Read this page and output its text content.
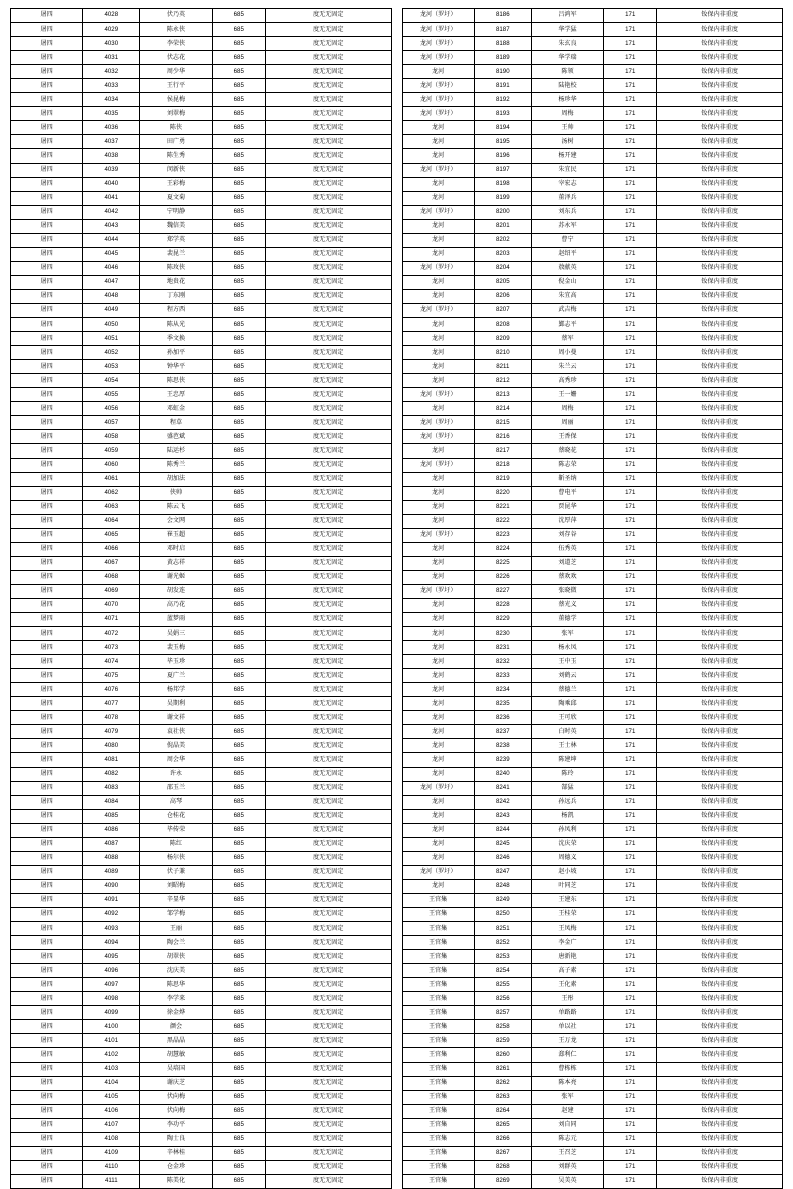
屠四	4028	伏乃英	685	度无无固定
屠四	4029	陈永侠	685	度无无固定
屠四	4030	李荣侠	685	度无无固定
屠四	4031	伏志花	685	度无无固定
屠四	4032	周少华	685	度无无固定
屠四	4033	王行平	685	度无无固定
屠四	4034	侯昆梅	685	度无无固定
屠四	4035	刘翠梅	685	度无无固定
屠四	4036	陈侠	685	度无无固定
屠四	4037	田广勇	685	度无无固定
屠四	4038	陈生秀	685	度无无固定
屠四	4039	闵新侠	685	度无无固定
屠四	4040	王彩梅	685	度无无固定
屠四	4041	夏文菊	685	度无无固定
屠四	4042	宁明静	685	度无无固定
屠四	4043	魏信美	685	度无无固定
屠四	4044	郑学英	685	度无无固定
屠四	4045	裴昆兰	685	度无无固定
屠四	4046	陈玫侠	685	度无无固定
屠四	4047	地贵花	685	度无无固定
屠四	4048	丁东刚	685	度无无固定
屠四	4049	程方西	685	度无无固定
屠四	4050	陈从光	685	度无无固定
屠四	4051	季文换	685	度无无固定
屠四	4052	孙加平	685	度无无固定
屠四	4053	钟华平	685	度无无固定
屠四	4054	陈思侠	685	度无无固定
屠四	4055	王忠厚	685	度无无固定
屠四	4056	邓虹金	685	度无无固定
屠四	4057	程草	685	度无无固定
屠四	4058	盛芭斌	685	度无无固定
屠四	4059	陆运杉	685	度无无固定
屠四	4060	陈秀兰	685	度无无固定
屠四	4061	胡加法	685	度无无固定
屠四	4062	侠帅	685	度无无固定
屠四	4063	陈云飞	685	度无无固定
屠四	4064	会文网	685	度无无固定
屠四	4065	崔玉超	685	度无无固定
屠四	4066	邓时启	685	度无无固定
屠四	4067	黄志祥	685	度无无固定
屠四	4068	谢光姬	685	度无无固定
屠四	4069	胡发连	685	度无无固定
屠四	4070	高乃花	685	度无无固定
屠四	4071	蓝梦雨	685	度无无固定
屠四	4072	吴娟三	685	度无无固定
屠四	4073	裴玉梅	685	度无无固定
屠四	4074	毕玉珍	685	度无无固定
屠四	4075	夏广兰	685	度无无固定
屠四	4076	杨邦学	685	度无无固定
屠四	4077	吴期利	685	度无无固定
屠四	4078	谢文祥	685	度无无固定
屠四	4079	袁社侠	685	度无无固定
屠四	4080	倪晶美	685	度无无固定
屠四	4081	周会华	685	度无无固定
屠四	4082	许永	685	度无无固定
屠四	4083	邵玉兰	685	度无无固定
屠四	4084	高琴	685	度无无固定
屠四	4085	仓桂花	685	度无无固定
屠四	4086	毕传荣	685	度无无固定
屠四	4087	陈红	685	度无无固定
屠四	4088	杨尔侠	685	度无无固定
屠四	4089	伏子兼	685	度无无固定
屠四	4090	刘昭梅	685	度无无固定
屠四	4091	辛显华	685	度无无固定
屠四	4092	邹学梅	685	度无无固定
屠四	4093	王丽	685	度无无固定
屠四	4094	陶会兰	685	度无无固定
屠四	4095	胡翠侠	685	度无无固定
屠四	4096	沈庆美	685	度无无固定
屠四	4097	陈思华	685	度无无固定
屠四	4098	李学来	685	度无无固定
屠四	4099	徐金烨	685	度无无固定
屠四	4100	颜会	685	度无无固定
屠四	4101	黑晶晶	685	度无无固定
屠四	4102	胡慧敏	685	度无无固定
屠四	4103	吴培国	685	度无无固定
屠四	4104	谢庆芝	685	度无无固定
屠四	4105	伏向梅	685	度无无固定
屠四	4106	伏向梅	685	度无无固定
屠四	4107	李功平	685	度无无固定
屠四	4108	陶士良	685	度无无固定
屠四	4109	辛林桂	685	度无无固定
屠四	4110	仓金珍	685	度无无固定
屠四	4111	陈美化	685	度无无固定
龙河（罗圩）	8186	吕鸿军	171	钕保内非重度
龙河（罗圩）	8187	华学猛	171	钕保内非重度
龙河（罗圩）	8188	朱玄良	171	钕保内非重度
龙河（罗圩）	8189	华学瑞	171	钕保内非重度
龙河	8190	陈领	171	钕保内非重度
龙河（罗圩）	8191	陆艳校	171	钕保内非重度
龙河（罗圩）	8192	杨珍华	171	钕保内非重度
龙河（罗圩）	8193	周梅	171	钕保内非重度
龙河	8194	王帅	171	钕保内非重度
龙河	8195	汤树	171	钕保内非重度
龙河	8196	杨开建	171	钕保内非重度
龙河（罗圩）	8197	朱宜民	171	钕保内非重度
龙河	8198	宰宏志	171	钕保内非重度
龙河	8199	董泽兵	171	钕保内非重度
龙河（罗圩）	8200	刘东兵	171	钕保内非重度
龙河	8201	苏永军	171	钕保内非重度
龙河	8202	曹宁	171	钕保内非重度
龙河	8203	赵绍平	171	钕保内非重度
龙河（罗圩）	8204	敖献英	171	钕保内非重度
龙河	8205	倪金山	171	钕保内非重度
龙河	8206	朱宜高	171	钕保内非重度
龙河（罗圩）	8207	武吉梅	171	钕保内非重度
龙河	8208	鄞志平	171	钕保内非重度
龙河	8209	蔡军	171	钕保内非重度
龙河	8210	周小曼	171	钕保内非重度
龙河	8211	朱兰云	171	钕保内非重度
龙河	8212	高秀珍	171	钕保内非重度
龙河（罗圩）	8213	王一姗	171	钕保内非重度
龙河	8214	周梅	171	钕保内非重度
龙河（罗圩）	8215	周丽	171	钕保内非重度
龙河（罗圩）	8216	王香保	171	钕保内非重度
龙河	8217	蔡晓花	171	钕保内非重度
龙河（罗圩）	8218	陈志荣	171	钕保内非重度
龙河	8219	靳圣纳	171	钕保内非重度
龙河	8220	曹电平	171	钕保内非重度
龙河	8221	贾昆华	171	钕保内非重度
龙河	8222	沈厚萍	171	钕保内非重度
龙河（罗圩）	8223	刘存谷	171	钕保内非重度
龙河	8224	伍秀英	171	钕保内非重度
龙河	8225	刘道芝	171	钕保内非重度
龙河	8226	蔡欢欢	171	钕保内非重度
龙河（罗圩）	8227	张晓微	171	钕保内非重度
龙河	8228	蔡光义	171	钕保内非重度
龙河	8229	董德学	171	钕保内非重度
龙河	8230	张军	171	钕保内非重度
龙河	8231	杨永凤	171	钕保内非重度
龙河	8232	王中玉	171	钕保内非重度
龙河	8233	刘鹤云	171	钕保内非重度
龙河	8234	蔡德兰	171	钕保内非重度
龙河	8235	陶乘邱	171	钕保内非重度
龙河	8236	王可欣	171	钕保内非重度
龙河	8237	白时英	171	钕保内非重度
龙河	8238	王士林	171	钕保内非重度
龙河	8239	陈建坤	171	钕保内非重度
龙河	8240	陈玲	171	钕保内非重度
龙河（罗圩）	8241	郜猛	171	钕保内非重度
龙河	8242	孙远兵	171	钕保内非重度
龙河	8243	杨凯	171	钕保内非重度
龙河	8244	孙凤利	171	钕保内非重度
龙河	8245	沈庆荣	171	钕保内非重度
龙河	8246	周德义	171	钕保内非重度
龙河（罗圩）	8247	赵小坡	171	钕保内非重度
龙河	8248	叶同芝	171	钕保内非重度
王官集	8249	王建东	171	钕保内非重度
王官集	8250	王桂荣	171	钕保内非重度
王官集	8251	王凤梅	171	钕保内非重度
王官集	8252	李金广	171	钕保内非重度
王官集	8253	唐新艳	171	钕保内非重度
王官集	8254	高子素	171	钕保内非重度
王官集	8255	王化素	171	钕保内非重度
王官集	8256	王彤	171	钕保内非重度
王官集	8257	单路路	171	钕保内非重度
王官集	8258	单以社	171	钕保内非重度
王官集	8259	王万龙	171	钕保内非重度
王官集	8260	郄利仁	171	钕保内非重度
王官集	8261	曹栋栋	171	钕保内非重度
王官集	8262	陈本亮	171	钕保内非重度
王官集	8263	张军	171	钕保内非重度
王官集	8264	赵建	171	钕保内非重度
王官集	8265	刘自同	171	钕保内非重度
王官集	8266	陈志元	171	钕保内非重度
王官集	8267	王召芝	171	钕保内非重度
王官集	8268	刘群英	171	钕保内非重度
王官集	8269	吴美英	171	钕保内非重度
